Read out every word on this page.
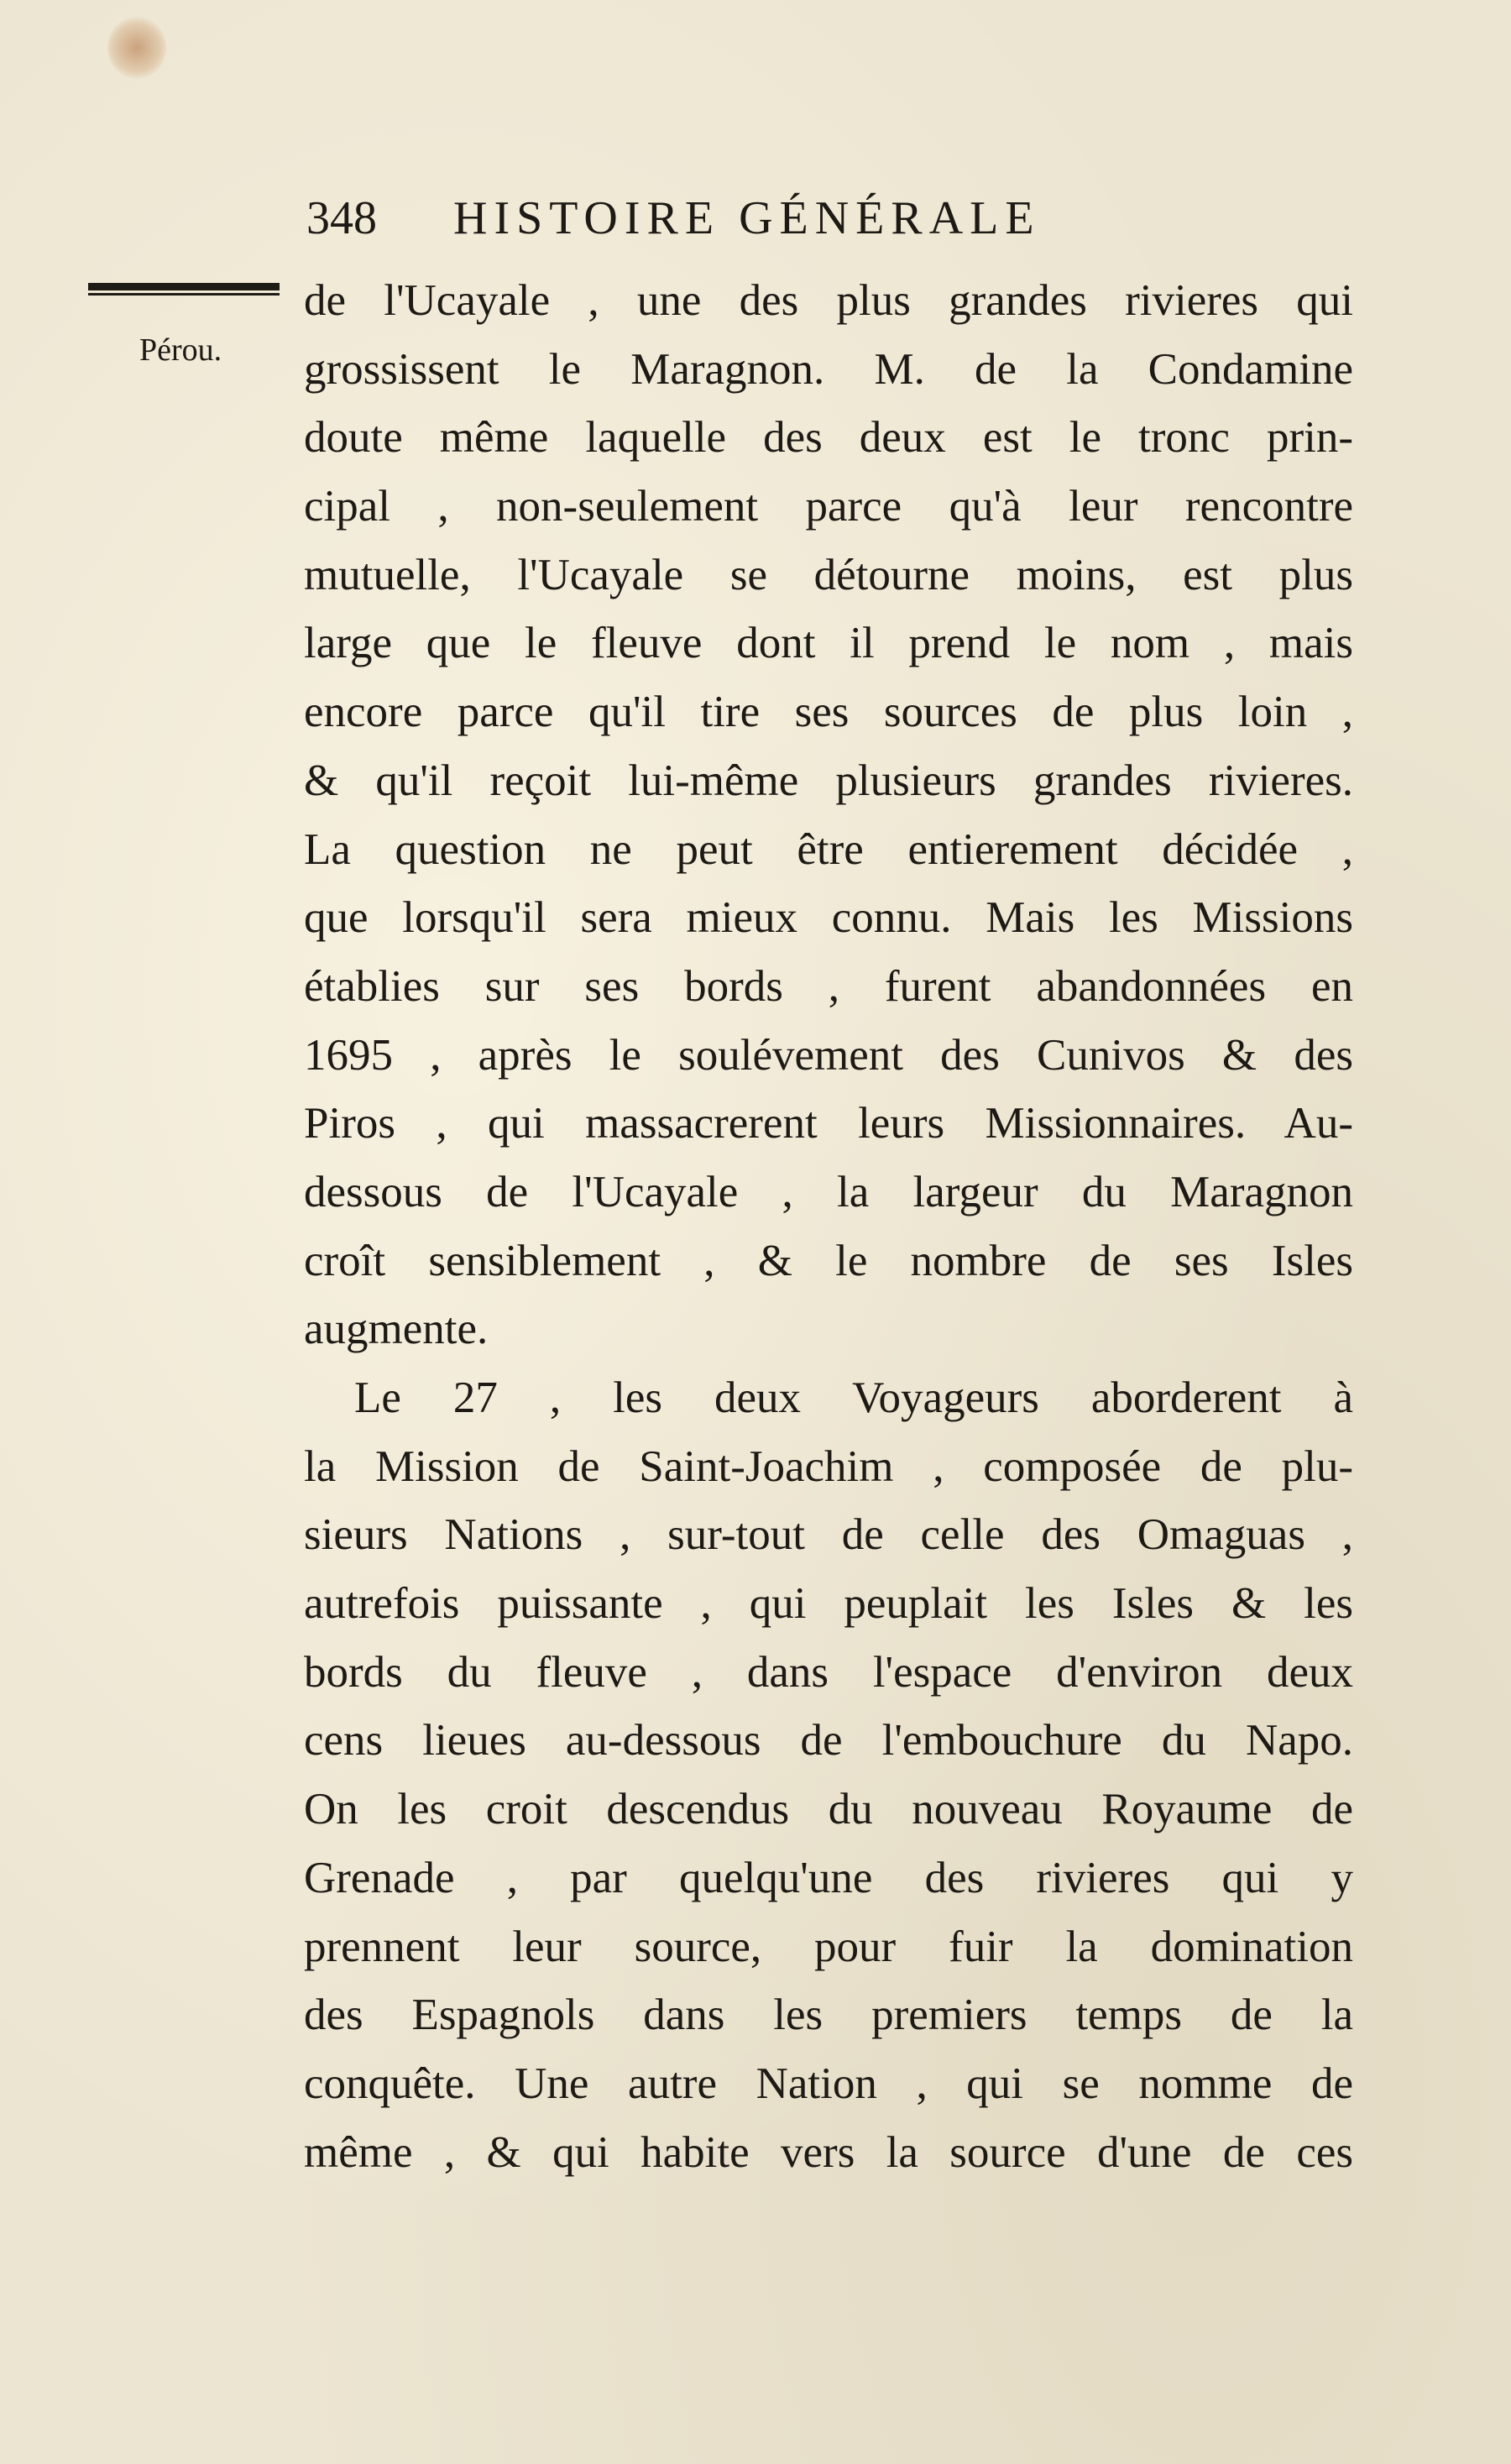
348 HISTOIRE GÉNÉRALE
Pérou.
de l'Ucayale , une des plus grandes rivieres qui
grossissent le Maragnon. M. de la Condamine
doute même laquelle des deux est le tronc prin-
cipal , non-seulement parce qu'à leur rencontre
mutuelle, l'Ucayale se détourne moins, est plus
large que le fleuve dont il prend le nom , mais
encore parce qu'il tire ses sources de plus loin ,
& qu'il reçoit lui-même plusieurs grandes rivieres.
La question ne peut être entierement décidée ,
que lorsqu'il sera mieux connu. Mais les Missions
établies sur ses bords , furent abandonnées en
1695 , après le soulévement des Cunivos & des
Piros , qui massacrerent leurs Missionnaires. Au-
dessous de l'Ucayale , la largeur du Maragnon
croît sensiblement , & le nombre de ses Isles
augmente.
Le 27 , les deux Voyageurs aborderent à
la Mission de Saint-Joachim , composée de plu-
sieurs Nations , sur-tout de celle des Omaguas ,
autrefois puissante , qui peuplait les Isles & les
bords du fleuve , dans l'espace d'environ deux
cens lieues au-dessous de l'embouchure du Napo.
On les croit descendus du nouveau Royaume de
Grenade , par quelqu'une des rivieres qui y
prennent leur source, pour fuir la domination
des Espagnols dans les premiers temps de la
conquête. Une autre Nation , qui se nomme de
même , & qui habite vers la source d'une de ces
